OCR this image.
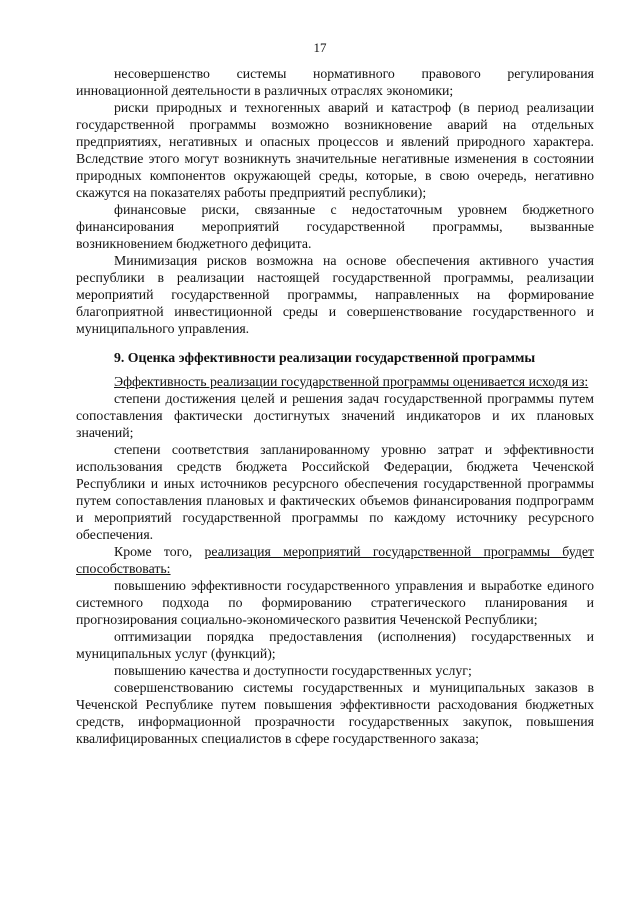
17

несовершенство системы нормативного правового регулирования инновационной деятельности в различных отраслях экономики;

риски природных и техногенных аварий и катастроф (в период реализации государственной программы возможно возникновение аварий на отдельных предприятиях, негативных и опасных процессов и явлений природного характера. Вследствие этого могут возникнуть значительные негативные изменения в состоянии природных компонентов окружающей среды, которые, в свою очередь, негативно скажутся на показателях работы предприятий республики);

финансовые риски, связанные с недостаточным уровнем бюджетного финансирования мероприятий государственной программы, вызванные возникновением бюджетного дефицита.

Минимизация рисков возможна на основе обеспечения активного участия республики в реализации настоящей государственной программы, реализации мероприятий государственной программы, направленных на формирование благоприятной инвестиционной среды и совершенствование государственного и муниципального управления.

9. Оценка эффективности реализации государственной программы

Эффективность реализации государственной программы оценивается исходя из:

степени достижения целей и решения задач государственной программы путем сопоставления фактически достигнутых значений индикаторов и их плановых значений;

степени соответствия запланированному уровню затрат и эффективности использования средств бюджета Российской Федерации, бюджета Чеченской Республики и иных источников ресурсного обеспечения государственной программы путем сопоставления плановых и фактических объемов финансирования подпрограмм и мероприятий государственной программы по каждому источнику ресурсного обеспечения.

Кроме того, реализация мероприятий государственной программы будет способствовать:

повышению эффективности государственного управления и выработке единого системного подхода по формированию стратегического планирования и прогнозирования социально-экономического развития Чеченской Республики;

оптимизации порядка предоставления (исполнения) государственных и муниципальных услуг (функций);

повышению качества и доступности государственных услуг;

совершенствованию системы государственных и муниципальных заказов в Чеченской Республике путем повышения эффективности расходования бюджетных средств, информационной прозрачности государственных закупок, повышения квалифицированных специалистов в сфере государственного заказа;
